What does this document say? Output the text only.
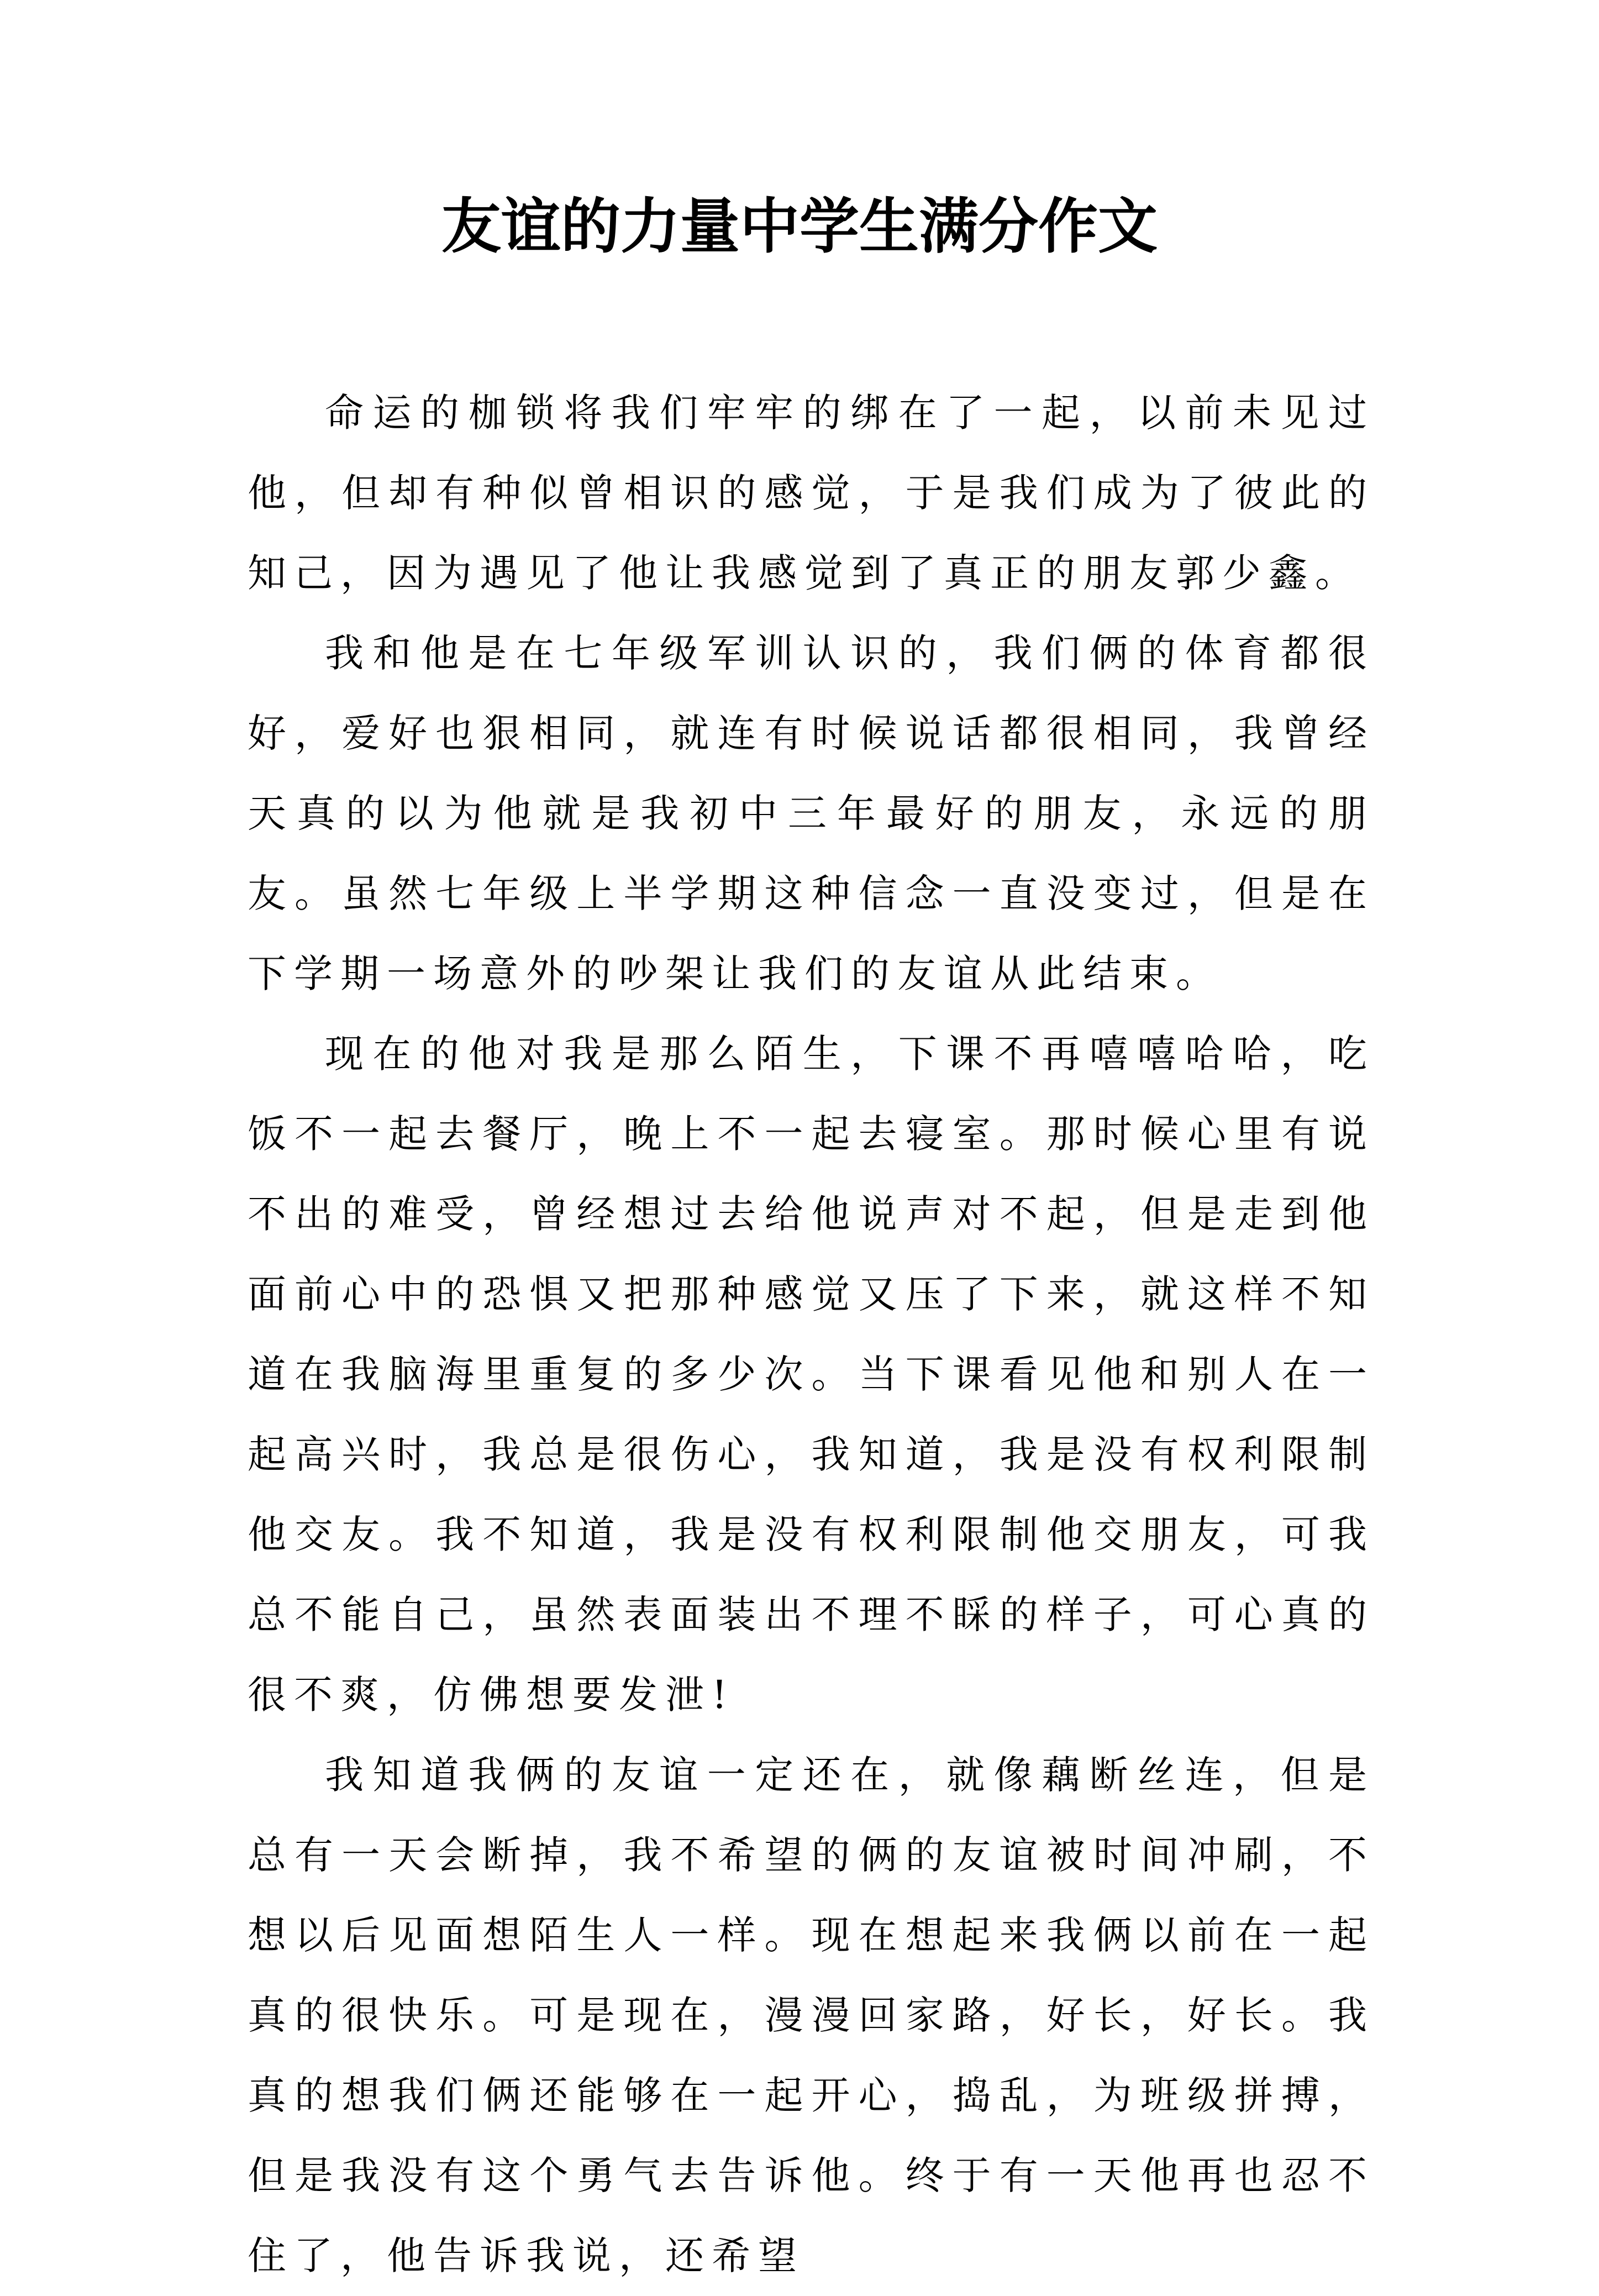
友谊的力量中学生满分作文

命运的枷锁将我们牢牢的绑在了一起，以前未见过他，但却有种似曾相识的感觉，于是我们成为了彼此的知己，因为遇见了他让我感觉到了真正的朋友郭少鑫。

我和他是在七年级军训认识的，我们俩的体育都很好，爱好也狠相同，就连有时候说话都很相同，我曾经天真的以为他就是我初中三年最好的朋友，永远的朋友。虽然七年级上半学期这种信念一直没变过，但是在下学期一场意外的吵架让我们的友谊从此结束。

现在的他对我是那么陌生，下课不再嘻嘻哈哈，吃饭不一起去餐厅，晚上不一起去寝室。那时候心里有说不出的难受，曾经想过去给他说声对不起，但是走到他面前心中的恐惧又把那种感觉又压了下来，就这样不知道在我脑海里重复的多少次。当下课看见他和别人在一起高兴时，我总是很伤心，我知道，我是没有权利限制他交友。我不知道，我是没有权利限制他交朋友，可我总不能自己，虽然表面装出不理不睬的样子，可心真的很不爽，仿佛想要发泄!

我知道我俩的友谊一定还在，就像藕断丝连，但是总有一天会断掉，我不希望的俩的友谊被时间冲刷，不想以后见面想陌生人一样。现在想起来我俩以前在一起真的很快乐。可是现在，漫漫回家路，好长，好长。我真的想我们俩还能够在一起开心，捣乱，为班级拼搏，但是我没有这个勇气去告诉他。终于有一天他再也忍不住了，他告诉我说，还希望
